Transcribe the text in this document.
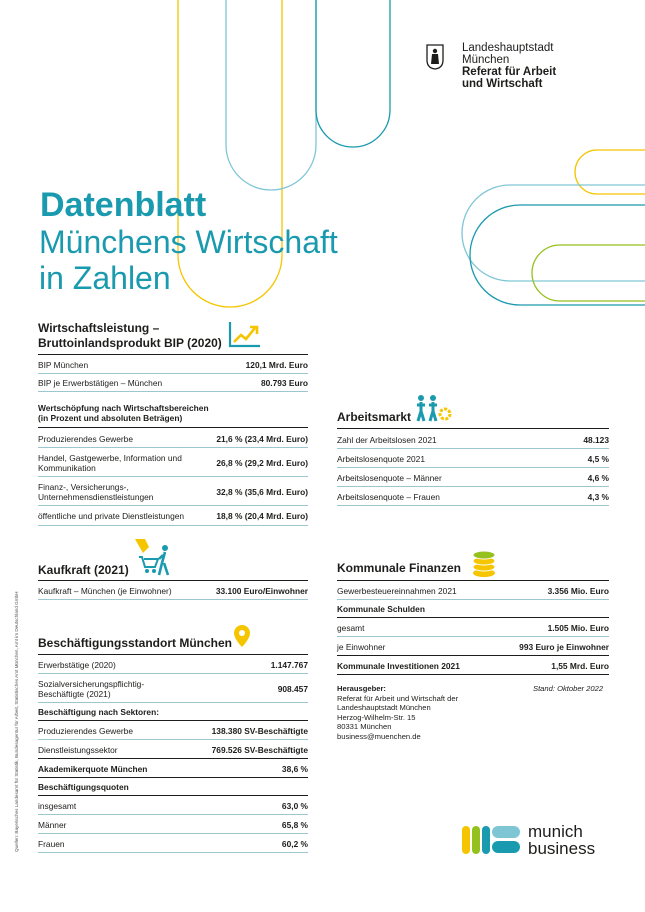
Landeshauptstadt
München
Referat für Arbeit
und Wirtschaft
Datenblatt
Münchens Wirtschaft
in Zahlen
Wirtschaftsleistung –
Bruttoinlandsprodukt BIP (2020)
BIP München	120,1 Mrd. Euro
BIP je Erwerbstätigen – München	80.793 Euro
Wertschöpfung nach Wirtschaftsbereichen
(in Prozent und absoluten Beträgen)
Produzierendes Gewerbe	21,6 % (23,4 Mrd. Euro)
Handel, Gastgewerbe, Information und Kommunikation	26,8 % (29,2 Mrd. Euro)
Finanz-, Versicherungs-, Unternehmensdienstleistungen	32,8 % (35,6 Mrd. Euro)
öffentliche und private Dienstleistungen	18,8 % (20,4 Mrd. Euro)
Kaufkraft (2021)
Kaufkraft – München (je Einwohner)	33.100 Euro/Einwohner
Beschäftigungsstandort München
Erwerbstätige (2020)	1.147.767
Sozialversicherungspflichtig-Beschäftigte (2021)	908.457
Beschäftigung nach Sektoren:
Produzierendes Gewerbe	138.380 SV-Beschäftigte
Dienstleistungssektor	769.526 SV-Beschäftigte
Akademikerquote München	38,6 %
Beschäftigungsquoten
insgesamt	63,0 %
Männer	65,8 %
Frauen	60,2 %
Arbeitsmarkt
Zahl der Arbeitslosen 2021	48.123
Arbeitslosenquote 2021	4,5 %
Arbeitslosenquote – Männer	4,6 %
Arbeitslosenquote – Frauen	4,3 %
Kommunale Finanzen
Gewerbesteuereinnahmen 2021	3.356 Mio. Euro
Kommunale Schulden
gesamt	1.505 Mio. Euro
je Einwohner	993 Euro je Einwohner
Kommunale Investitionen 2021	1,55 Mrd. Euro
Herausgeber:
Referat für Arbeit und Wirtschaft der
Landeshauptstadt München
Herzog-Wilhelm-Str. 15
80331 München
business@muenchen.de
Stand: Oktober 2022
Quellen: Bayerisches Landesamt für Statistik, Bundesagentur für Arbeit, Statistisches Amt München, Amt im Deutschland GmbH	munich
business
